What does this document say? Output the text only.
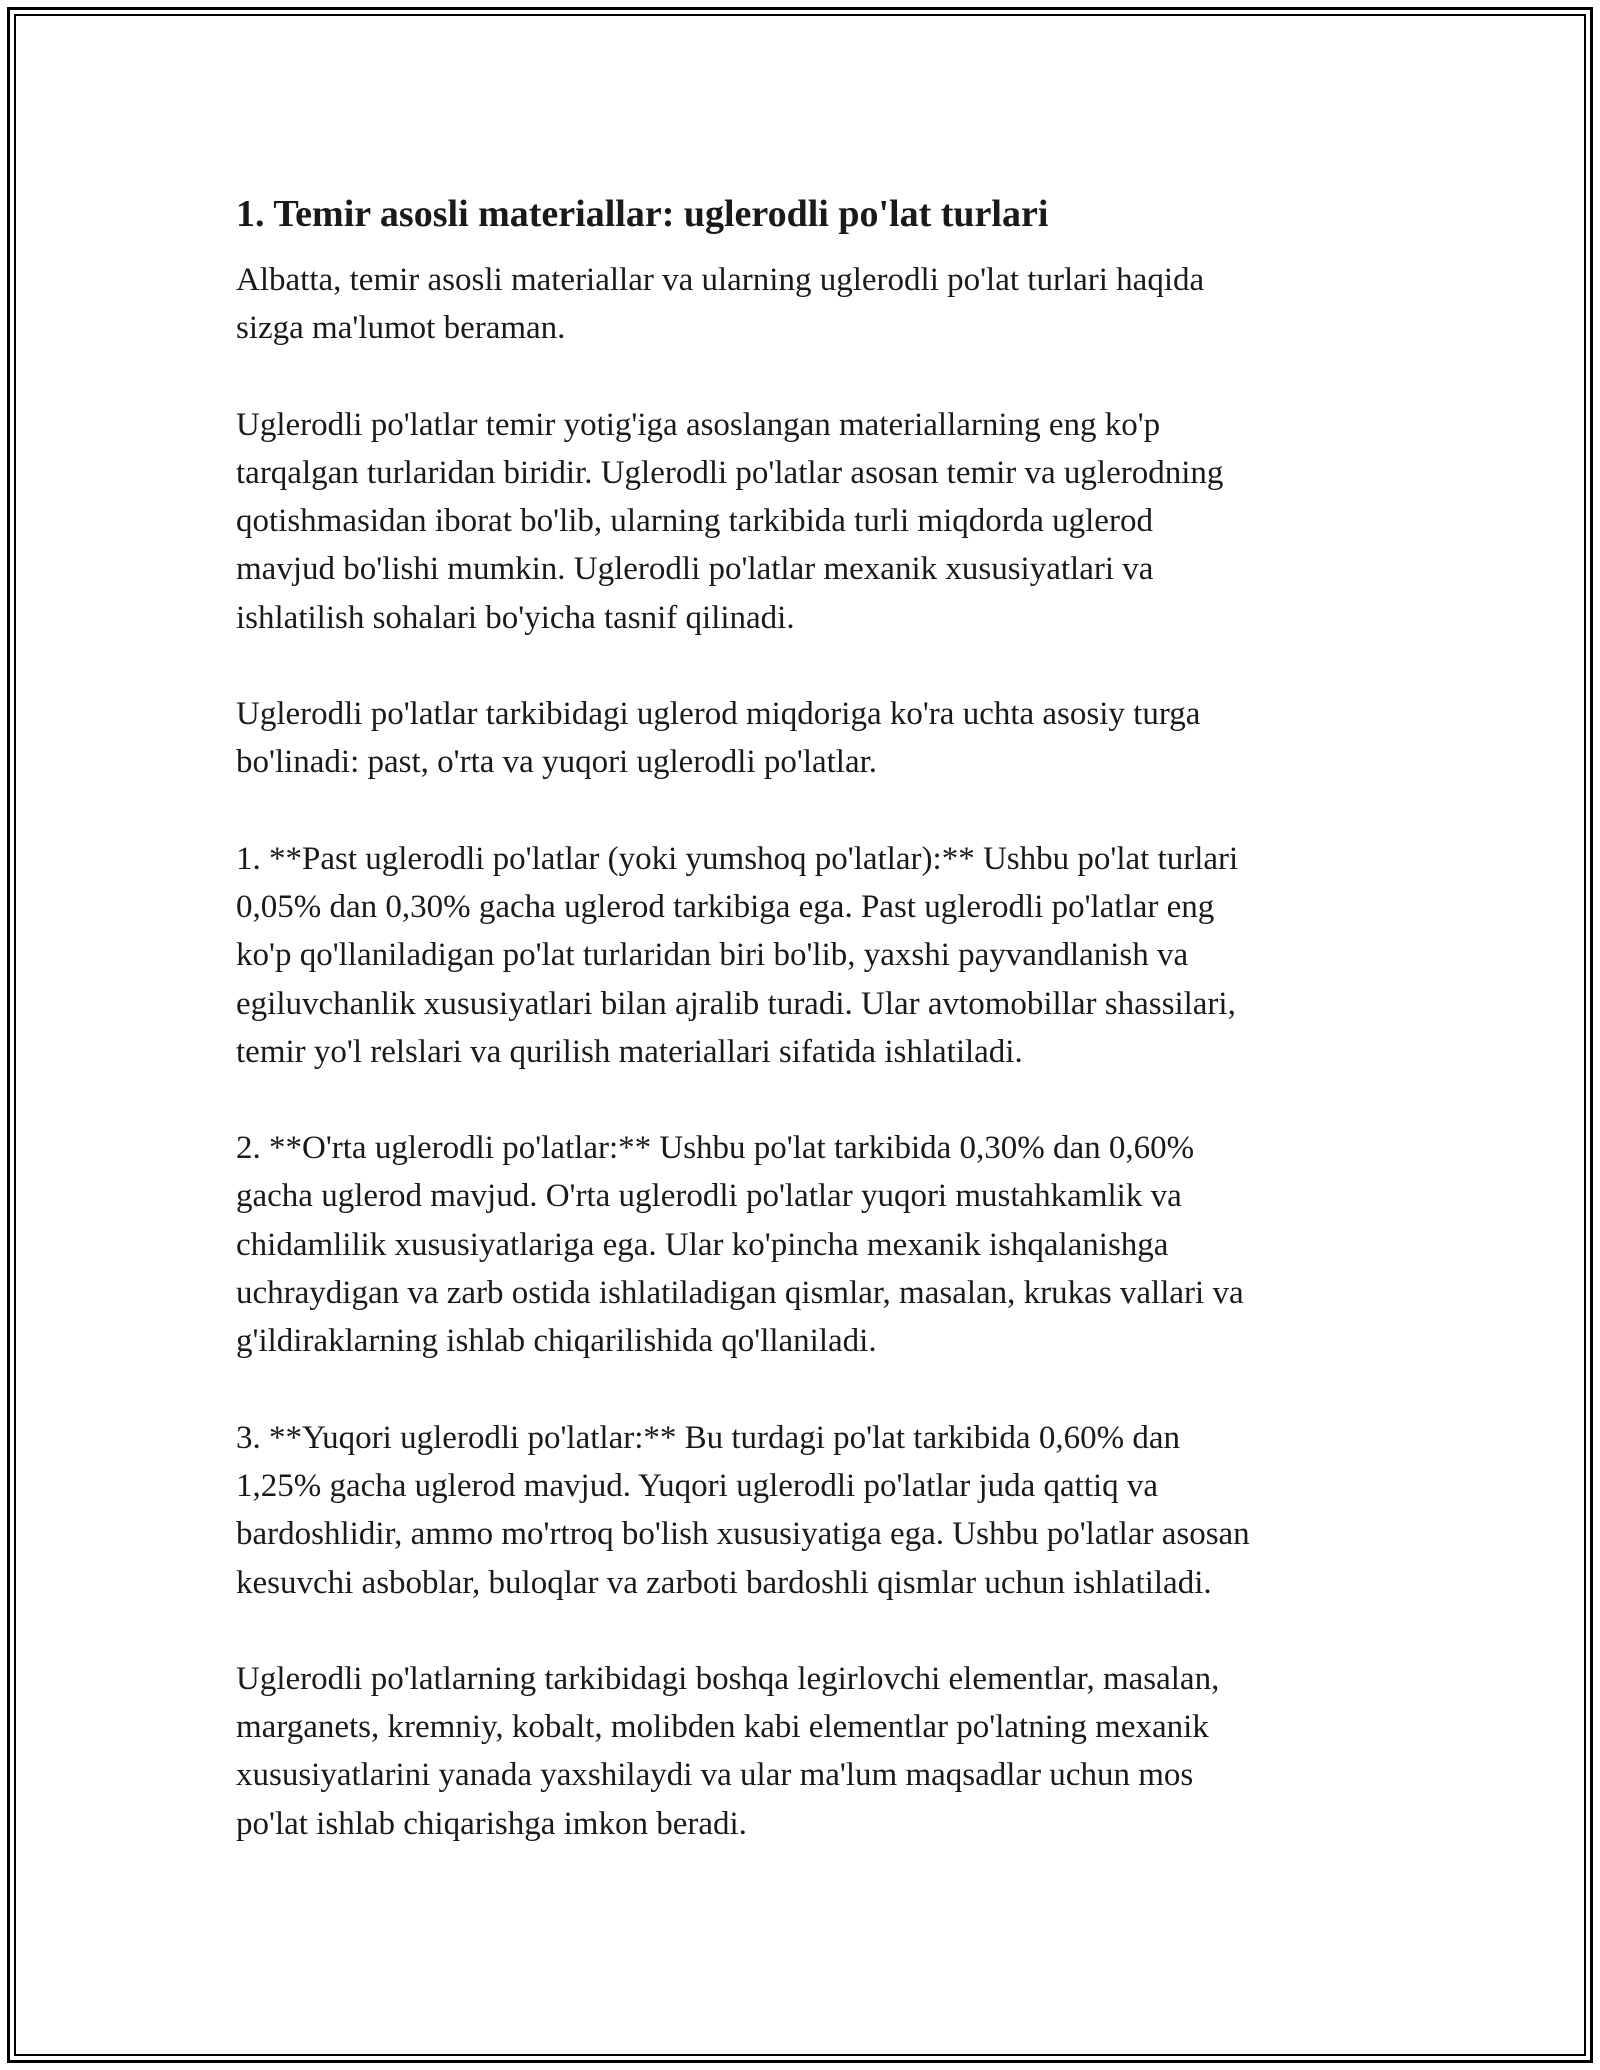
1. Temir asosli materiallar: uglerodli po'lat turlari

Albatta, temir asosli materiallar va ularning uglerodli po'lat turlari haqida
sizga ma'lumot beraman.

Uglerodli po'latlar temir yotig'iga asoslangan materiallarning eng ko'p
tarqalgan turlaridan biridir. Uglerodli po'latlar asosan temir va uglerodning
qotishmasidan iborat bo'lib, ularning tarkibida turli miqdorda uglerod
mavjud bo'lishi mumkin. Uglerodli po'latlar mexanik xususiyatlari va
ishlatilish sohalari bo'yicha tasnif qilinadi.

Uglerodli po'latlar tarkibidagi uglerod miqdoriga ko'ra uchta asosiy turga
bo'linadi: past, o'rta va yuqori uglerodli po'latlar.

1. **Past uglerodli po'latlar (yoki yumshoq po'latlar):** Ushbu po'lat turlari
0,05% dan 0,30% gacha uglerod tarkibiga ega. Past uglerodli po'latlar eng
ko'p qo'llaniladigan po'lat turlaridan biri bo'lib, yaxshi payvandlanish va
egiluvchanlik xususiyatlari bilan ajralib turadi. Ular avtomobillar shassilari,
temir yo'l relslari va qurilish materiallari sifatida ishlatiladi.

2. **O'rta uglerodli po'latlar:** Ushbu po'lat tarkibida 0,30% dan 0,60%
gacha uglerod mavjud. O'rta uglerodli po'latlar yuqori mustahkamlik va
chidamlilik xususiyatlariga ega. Ular ko'pincha mexanik ishqalanishga
uchraydigan va zarb ostida ishlatiladigan qismlar, masalan, krukas vallari va
g'ildiraklarning ishlab chiqarilishida qo'llaniladi.

3. **Yuqori uglerodli po'latlar:** Bu turdagi po'lat tarkibida 0,60% dan
1,25% gacha uglerod mavjud. Yuqori uglerodli po'latlar juda qattiq va
bardoshlidir, ammo mo'rtroq bo'lish xususiyatiga ega. Ushbu po'latlar asosan
kesuvchi asboblar, buloqlar va zarboti bardoshli qismlar uchun ishlatiladi.

Uglerodli po'latlarning tarkibidagi boshqa legirlovchi elementlar, masalan,
marganets, kremniy, kobalt, molibden kabi elementlar po'latning mexanik
xususiyatlarini yanada yaxshilaydi va ular ma'lum maqsadlar uchun mos
po'lat ishlab chiqarishga imkon beradi.
